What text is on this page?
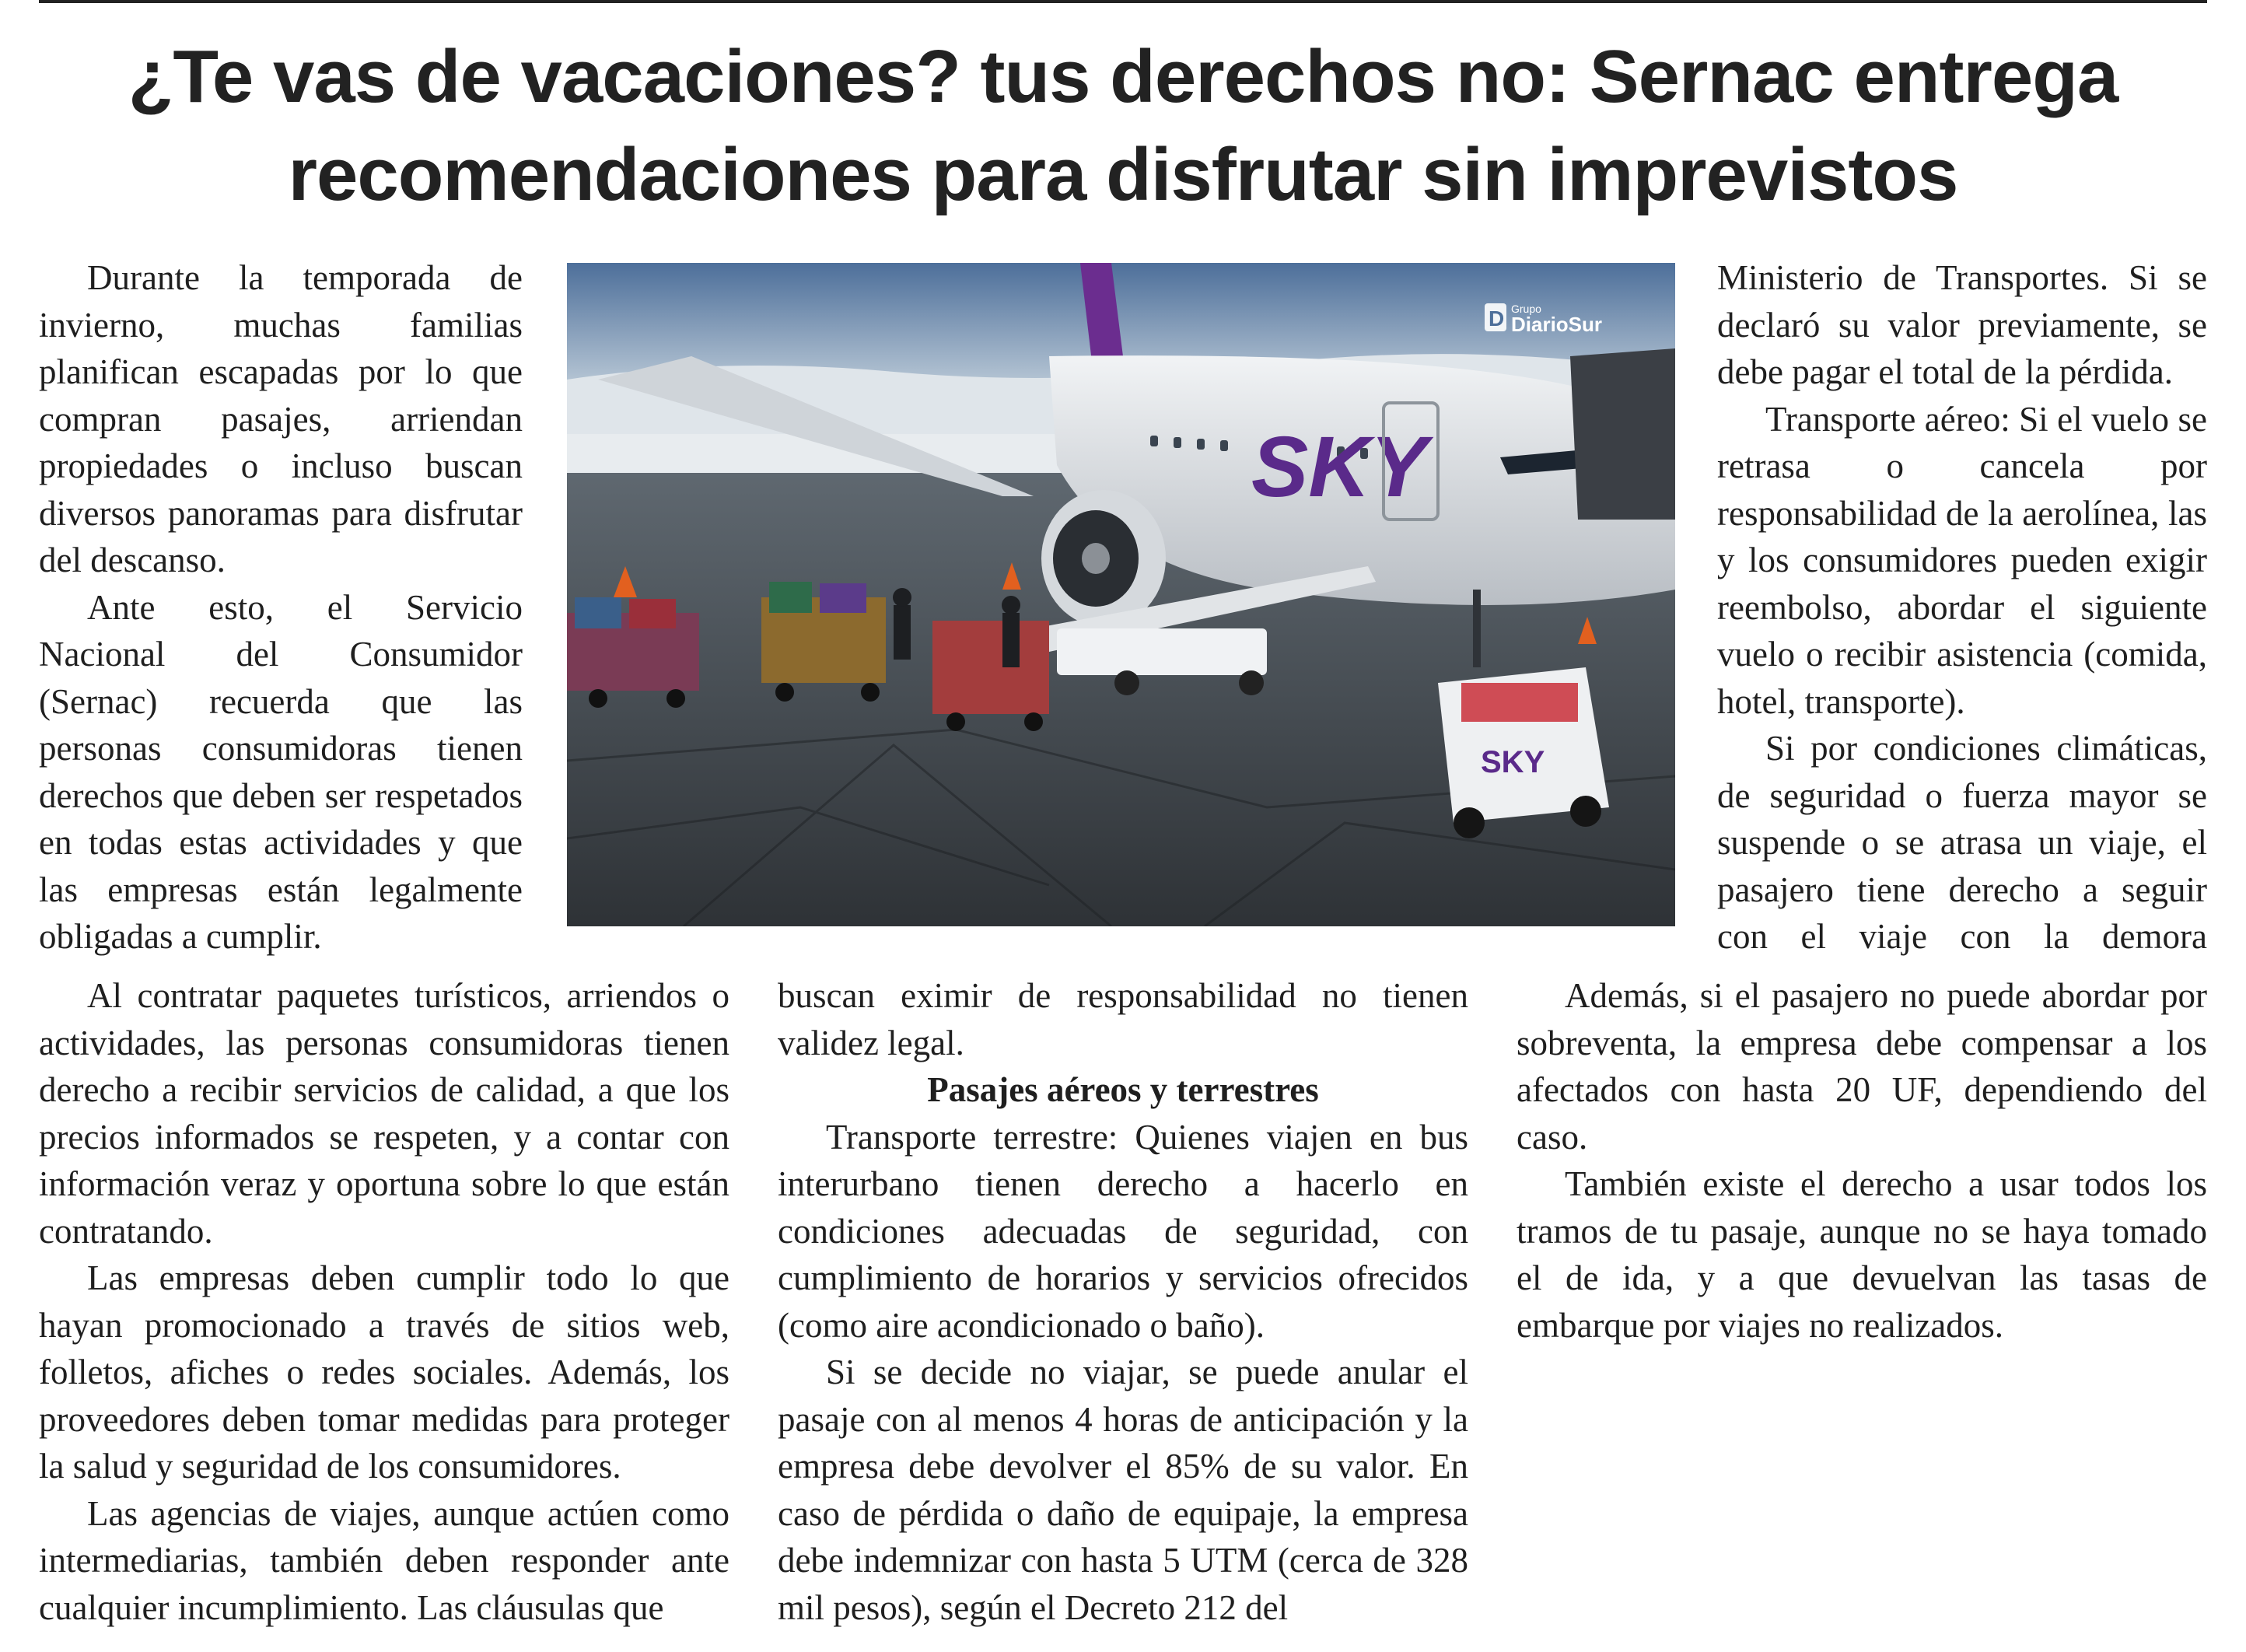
¿Te vas de vacaciones? tus derechos no: Sernac entrega recomendaciones para disfrutar sin imprevistos

Durante la temporada de invierno, muchas familias planifican escapadas por lo que compran pasajes, arriendan propiedades o incluso buscan diversos panoramas para disfrutar del descanso.

Ante esto, el Servicio Nacional del Consumidor (Sernac) recuerda que las personas consumidoras tienen derechos que deben ser respetados en todas estas actividades y que las empresas están legalmente obligadas a cumplir.

SKY
SKY
D Grupo
DiarioSur

Ministerio de Transportes. Si se declaró su valor previamente, se debe pagar el total de la pérdida.

Transporte aéreo: Si el vuelo se retrasa o cancela por responsabilidad de la aerolínea, las y los consumidores pueden exigir reembolso, abordar el siguiente vuelo o recibir asistencia (comida, hotel, transporte).

Si por condiciones climáticas, de seguridad o fuerza mayor se suspende o se atrasa un viaje, el pasajero tiene derecho a seguir con el viaje con la demora

Al contratar paquetes turísticos, arriendos o actividades, las personas consumidoras tienen derecho a recibir servicios de calidad, a que los precios informados se respeten, y a contar con información veraz y oportuna sobre lo que están contratando.

Las empresas deben cumplir todo lo que hayan promocionado a través de sitios web, folletos, afiches o redes sociales. Además, los proveedores deben tomar medidas para proteger la salud y seguridad de los consumidores.

Las agencias de viajes, aunque actúen como intermediarias, también deben responder ante cualquier incumplimiento. Las cláusulas que

buscan eximir de responsabilidad no tienen validez legal.

Pasajes aéreos y terrestres

Transporte terrestre: Quienes viajen en bus interurbano tienen derecho a hacerlo en condiciones adecuadas de seguridad, con cumplimiento de horarios y servicios ofrecidos (como aire acondicionado o baño).

Si se decide no viajar, se puede anular el pasaje con al menos 4 horas de anticipación y la empresa debe devolver el 85% de su valor. En caso de pérdida o daño de equipaje, la empresa debe indemnizar con hasta 5 UTM (cerca de 328 mil pesos), según el Decreto 212 del

Además, si el pasajero no puede abordar por sobreventa, la empresa debe compensar a los afectados con hasta 20 UF, dependiendo del caso.

También existe el derecho a usar todos los tramos de tu pasaje, aunque no se haya tomado el de ida, y a que devuelvan las tasas de embarque por viajes no realizados.
